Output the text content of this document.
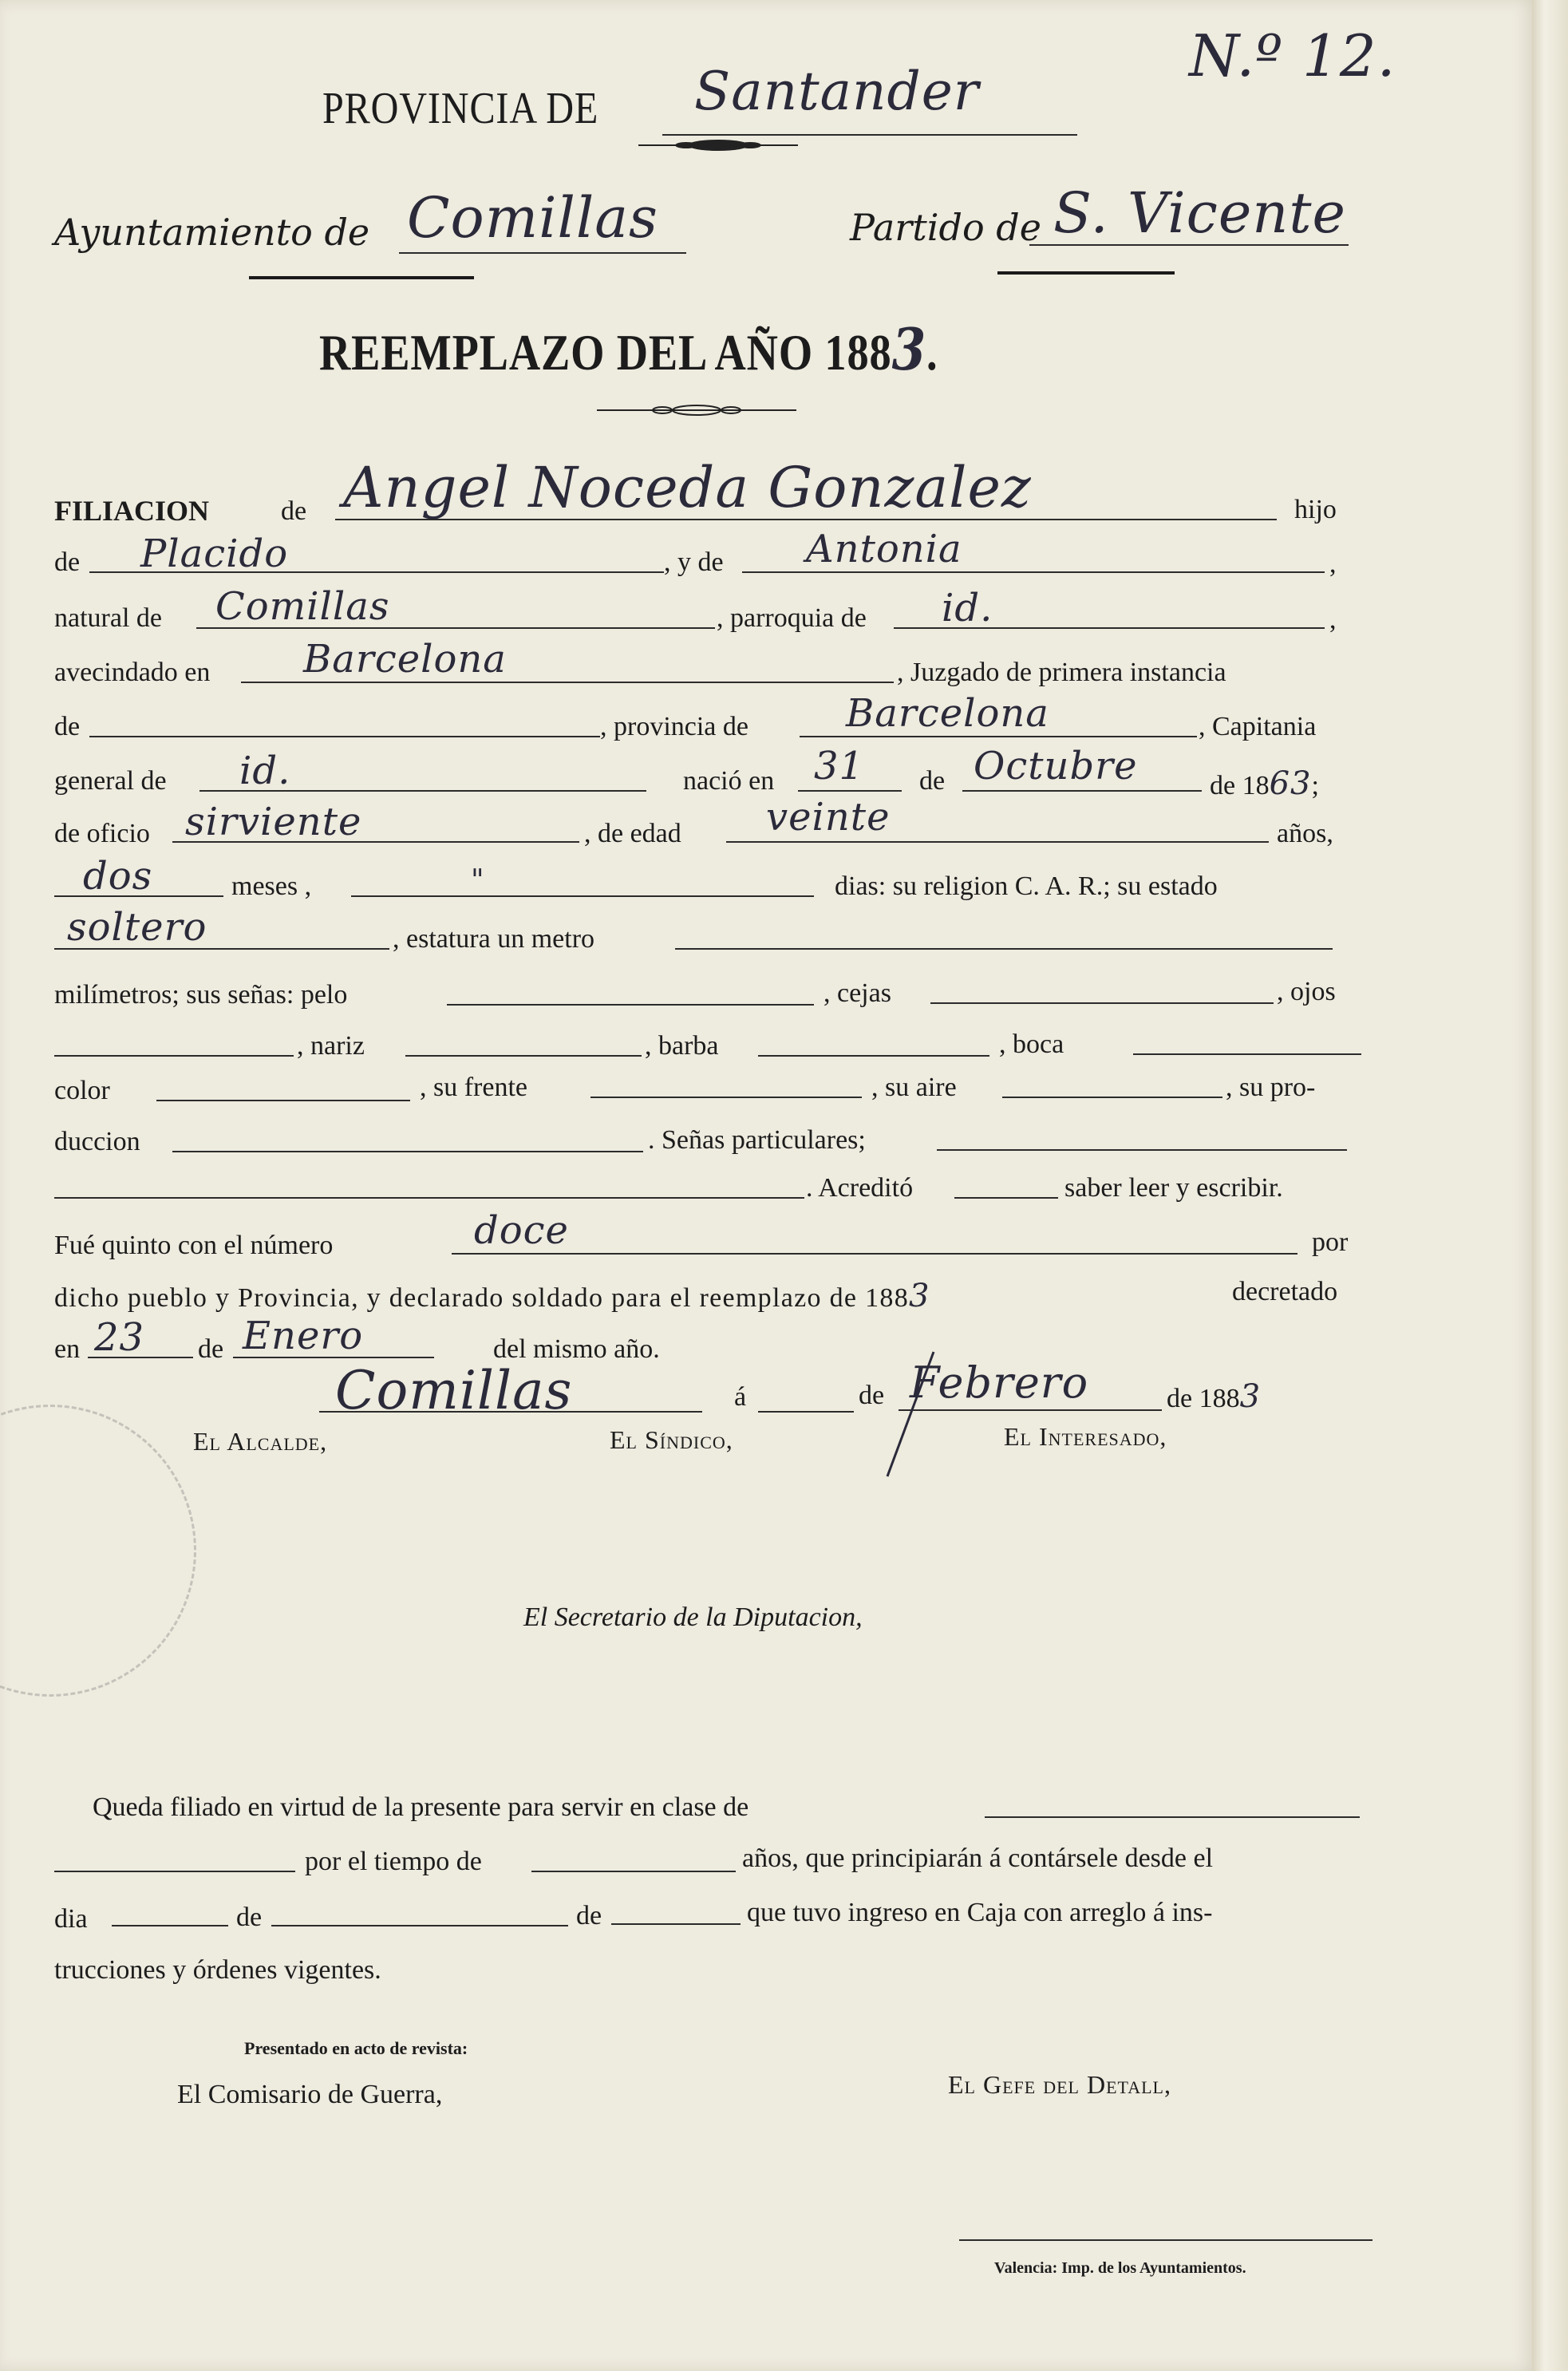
PROVINCIA DE Santander
N.º 12.
Ayuntamiento de Comillas	Partido de S. Vicente
REEMPLAZO DEL AÑO 1883.
FILIACION	de Angel Noceda Gonzalez	hijo
de Placido	, y de Antonia	,
natural de Comillas	, parroquia de id.	,
avecindado en Barcelona	, Juzgado de primera instancia
de	, provincia de	Barcelona	, Capitania
general de id.	nació en 31 de Octubre	de 1863;
de oficio sirviente	, de edad veinte	años,
dos	meses ,	"	dias: su religion C. A. R.; su estado
soltero	, estatura un metro
milímetros; sus señas: pelo	, cejas	, ojos
, nariz	, barba	, boca
color	, su frente	, su aire	, su pro-
duccion	. Señas particulares;
. Acreditó	saber leer y escribir.
Fué quinto con el número	doce	por
dicho pueblo y Provincia, y declarado soldado para el reemplazo de 1883	decretado
en 23 de Enero	del mismo año.
Comillas	á	de Febrero	de 1883
El Alcalde,	El Síndico,	El Interesado,
El Secretario de la Diputacion,
Queda filiado en virtud de la presente para servir en clase de
por el tiempo de	años, que principiarán á contársele desde el
dia	de	de	que tuvo ingreso en Caja con arreglo á ins-
trucciones y órdenes vigentes.
Presentado en acto de revista:
El Comisario de Guerra,	El Gefe del Detall,
Valencia: Imp. de los Ayuntamientos.
